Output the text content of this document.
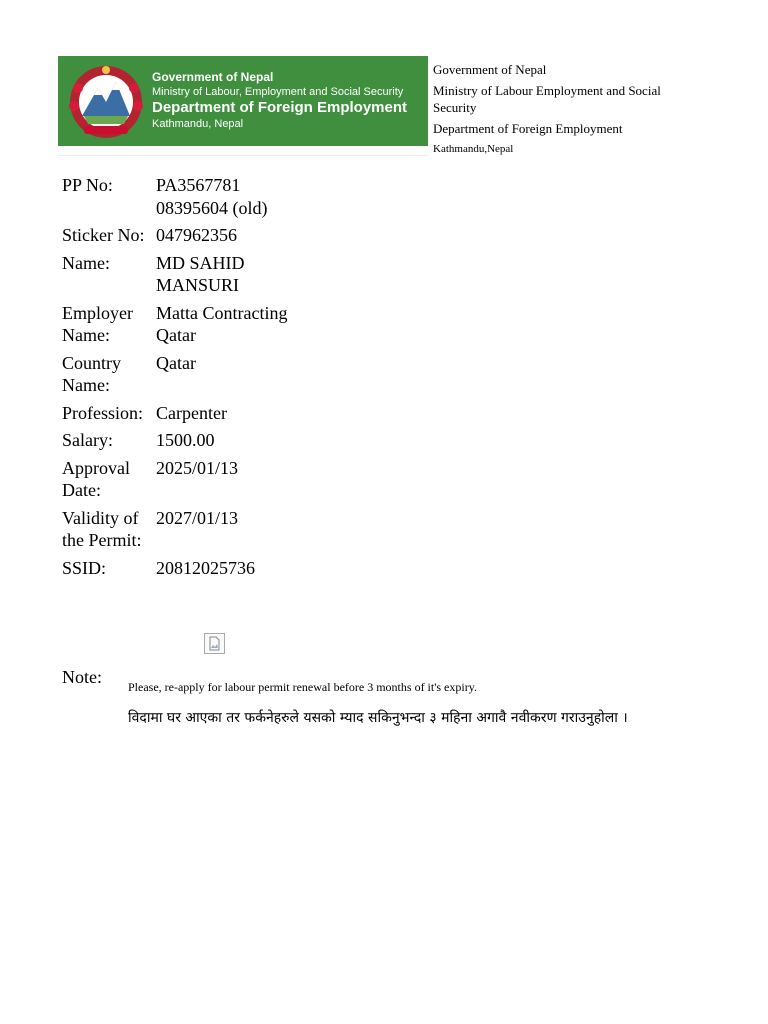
Government of Nepal
Ministry of Labour, Employment and Social Security
Department of Foreign Employment
Kathmandu, Nepal
Government of Nepal
Ministry of Labour Employment and Social Security
Department of Foreign Employment
Kathmandu,Nepal
PP No:	PA3567781
08395604 (old)

Sticker No:	047962356
Name:	MD SAHID MANSURI
Employer Name:	Matta Contracting Qatar
Country Name:	Qatar
Profession:	Carpenter
Salary:	1500.00
Approval Date:	2025/01/13
Validity of the Permit:	2027/01/13
SSID:	20812025736
Note: Please, re-apply for labour permit renewal before 3 months of it's expiry.
विदामा घर आएका तर फर्कनेहरुले यसको म्याद सकिनुभन्दा ३ महिना अगावै नवीकरण गराउनुहोला ।
